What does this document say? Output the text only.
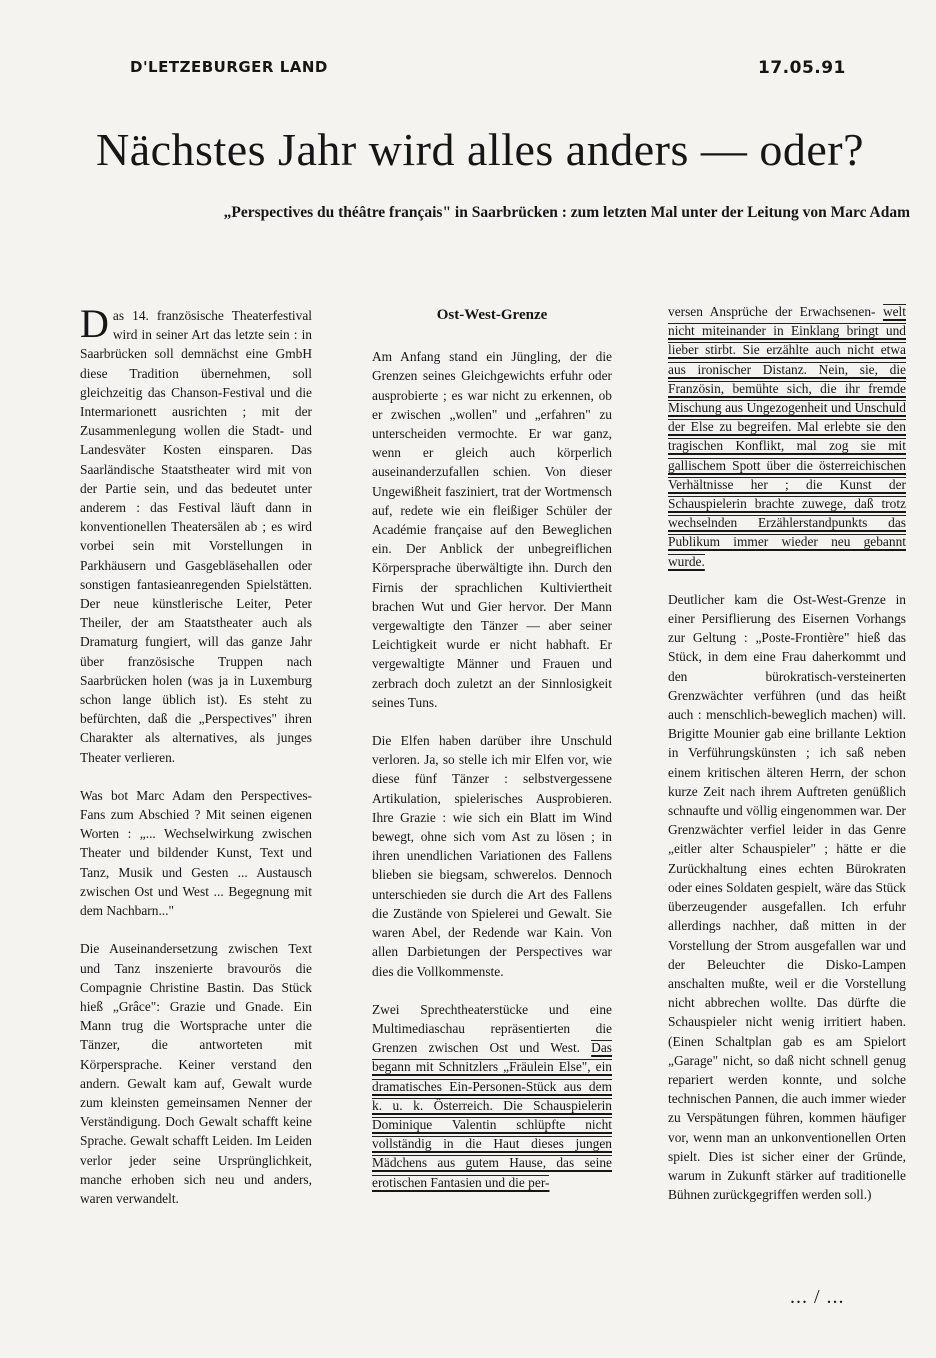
D'LETZEBURGER LAND	17.05.91
Nächstes Jahr wird alles anders — oder?
„Perspectives du théâtre français" in Saarbrücken : zum letzten Mal unter der Leitung von Marc Adam

Das 14. französische Theaterfestival wird in seiner Art das letzte sein : in Saarbrücken soll demnächst eine GmbH diese Tradition übernehmen, soll gleichzeitig das Chanson-Festival und die Intermarionett ausrichten ; mit der Zusammenlegung wollen die Stadt- und Landesväter Kosten einsparen. Das Saarländische Staatstheater wird mit von der Partie sein, und das bedeutet unter anderem : das Festival läuft dann in konventionellen Theatersälen ab ; es wird vorbei sein mit Vorstellungen in Parkhäusern und Gasgebläsehallen oder sonstigen fantasieanregenden Spielstätten. Der neue künstlerische Leiter, Peter Theiler, der am Staatstheater auch als Dramaturg fungiert, will das ganze Jahr über französische Truppen nach Saarbrücken holen (was ja in Luxemburg schon lange üblich ist). Es steht zu befürchten, daß die „Perspectives" ihren Charakter als alternatives, als junges Theater verlieren.

Was bot Marc Adam den Perspectives-Fans zum Abschied ? Mit seinen eigenen Worten : „... Wechselwirkung zwischen Theater und bildender Kunst, Text und Tanz, Musik und Gesten ... Austausch zwischen Ost und West ... Begegnung mit dem Nachbarn..."

Die Auseinandersetzung zwischen Text und Tanz inszenierte bravourös die Compagnie Christine Bastin. Das Stück hieß „Grâce": Grazie und Gnade. Ein Mann trug die Wortsprache unter die Tänzer, die antworteten mit Körpersprache. Keiner verstand den andern. Gewalt kam auf, Gewalt wurde zum kleinsten gemeinsamen Nenner der Verständigung. Doch Gewalt schafft keine Sprache. Gewalt schafft Leiden. Im Leiden verlor jeder seine Ursprünglichkeit, manche erhoben sich neu und anders, waren verwandelt.

Ost-West-Grenze

Am Anfang stand ein Jüngling, der die Grenzen seines Gleichgewichts erfuhr oder ausprobierte ; es war nicht zu erkennen, ob er zwischen „wollen" und „erfahren" zu unterscheiden vermochte. Er war ganz, wenn er gleich auch körperlich auseinanderzufallen schien. Von dieser Ungewißheit fasziniert, trat der Wortmensch auf, redete wie ein fleißiger Schüler der Académie française auf den Beweglichen ein. Der Anblick der unbegreiflichen Körpersprache überwältigte ihn. Durch den Firnis der sprachlichen Kultiviertheit brachen Wut und Gier hervor. Der Mann vergewaltigte den Tänzer — aber seiner Leichtigkeit wurde er nicht habhaft. Er vergewaltigte Männer und Frauen und zerbrach doch zuletzt an der Sinnlosigkeit seines Tuns.

Die Elfen haben darüber ihre Unschuld verloren. Ja, so stelle ich mir Elfen vor, wie diese fünf Tänzer : selbstvergessene Artikulation, spielerisches Ausprobieren. Ihre Grazie : wie sich ein Blatt im Wind bewegt, ohne sich vom Ast zu lösen ; in ihren unendlichen Variationen des Fallens blieben sie biegsam, schwerelos. Dennoch unterschieden sie durch die Art des Fallens die Zustände von Spielerei und Gewalt. Sie waren Abel, der Redende war Kain. Von allen Darbietungen der Perspectives war dies die Vollkommenste.

Zwei Sprechtheaterstücke und eine Multimediaschau repräsentierten die Grenzen zwischen Ost und West. Das begann mit Schnitzlers „Fräulein Else", ein dramatisches Ein-Personen-Stück aus dem k. u. k. Österreich. Die Schauspielerin Dominique Valentin schlüpfte nicht vollständig in die Haut dieses jungen Mädchens aus gutem Hause, das seine erotischen Fantasien und die per-

versen Ansprüche der Erwachsenen- welt nicht miteinander in Einklang bringt und lieber stirbt. Sie erzählte auch nicht etwa aus ironischer Distanz. Nein, sie, die Französin, bemühte sich, die ihr fremde Mischung aus Ungezogenheit und Unschuld der Else zu begreifen. Mal erlebte sie den tragischen Konflikt, mal zog sie mit gallischem Spott über die österreichischen Verhältnisse her ; die Kunst der Schauspielerin brachte zuwege, daß trotz wechselnden Erzählerstandpunkts das Publikum immer wieder neu gebannt wurde.

Deutlicher kam die Ost-West-Grenze in einer Persiflierung des Eisernen Vorhangs zur Geltung : „Poste-Frontière" hieß das Stück, in dem eine Frau daherkommt und den bürokratisch-versteinerten Grenzwächter verführen (und das heißt auch : menschlich-beweglich machen) will. Brigitte Mounier gab eine brillante Lektion in Verführungskünsten ; ich saß neben einem kritischen älteren Herrn, der schon kurze Zeit nach ihrem Auftreten genüßlich schnaufte und völlig eingenommen war. Der Grenzwächter verfiel leider in das Genre „eitler alter Schauspieler" ; hätte er die Zurückhaltung eines echten Bürokraten oder eines Soldaten gespielt, wäre das Stück überzeugender ausgefallen. Ich erfuhr allerdings nachher, daß mitten in der Vorstellung der Strom ausgefallen war und der Beleuchter die Disko-Lampen anschalten mußte, weil er die Vorstellung nicht abbrechen wollte. Das dürfte die Schauspieler nicht wenig irritiert haben. (Einen Schaltplan gab es am Spielort „Garage" nicht, so daß nicht schnell genug repariert werden konnte, und solche technischen Pannen, die auch immer wieder zu Verspätungen führen, kommen häufiger vor, wenn man an unkonventionellen Orten spielt. Dies ist sicher einer der Gründe, warum in Zukunft stärker auf traditionelle Bühnen zurückgegriffen werden soll.)

... / ...
